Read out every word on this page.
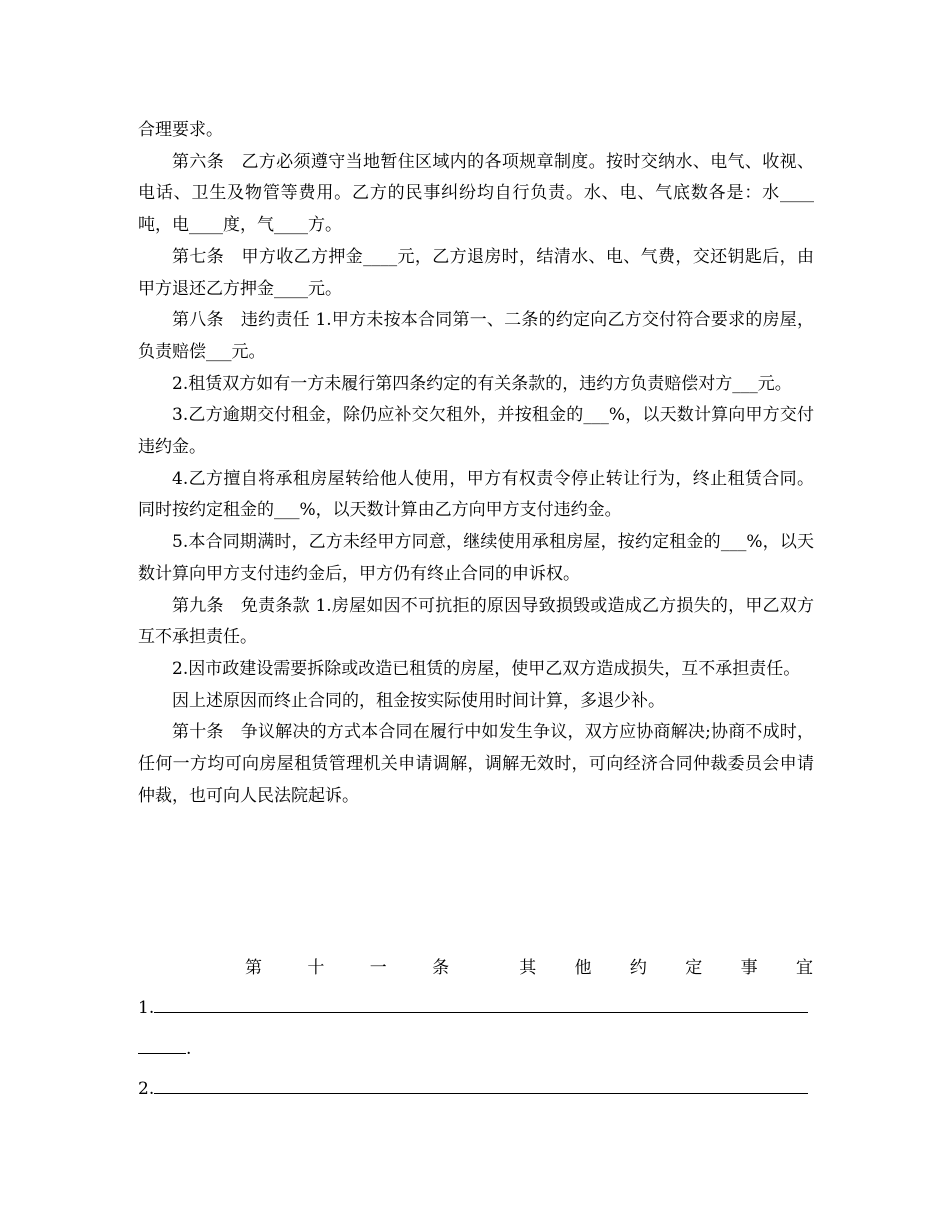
合理要求。

第六条　乙方必须遵守当地暂住区域内的各项规章制度。按时交纳水、电气、收视、电话、卫生及物管等费用。乙方的民事纠纷均自行负责。水、电、气底数各是：水____吨，电____度，气____方。

第七条　甲方收乙方押金____元，乙方退房时，结清水、电、气费，交还钥匙后，由甲方退还乙方押金____元。

第八条　违约责任 1.甲方未按本合同第一、二条的约定向乙方交付符合要求的房屋，负责赔偿___元。

2.租赁双方如有一方未履行第四条约定的有关条款的，违约方负责赔偿对方___元。

3.乙方逾期交付租金，除仍应补交欠租外，并按租金的___%，以天数计算向甲方交付违约金。

4.乙方擅自将承租房屋转给他人使用，甲方有权责令停止转让行为，终止租赁合同。同时按约定租金的___%，以天数计算由乙方向甲方支付违约金。

5.本合同期满时，乙方未经甲方同意，继续使用承租房屋，按约定租金的___%，以天数计算向甲方支付违约金后，甲方仍有终止合同的申诉权。

第九条　免责条款 1.房屋如因不可抗拒的原因导致损毁或造成乙方损失的，甲乙双方互不承担责任。

2.因市政建设需要拆除或改造已租赁的房屋，使甲乙双方造成损失，互不承担责任。

因上述原因而终止合同的，租金按实际使用时间计算，多退少补。

第十条　争议解决的方式本合同在履行中如发生争议，双方应协商解决;协商不成时，任何一方均可向房屋租赁管理机关申请调解，调解无效时，可向经济合同仲裁委员会申请仲裁，也可向人民法院起诉。

第	十	一	条	其 他 约 定 事 宜
1.
.
2.
